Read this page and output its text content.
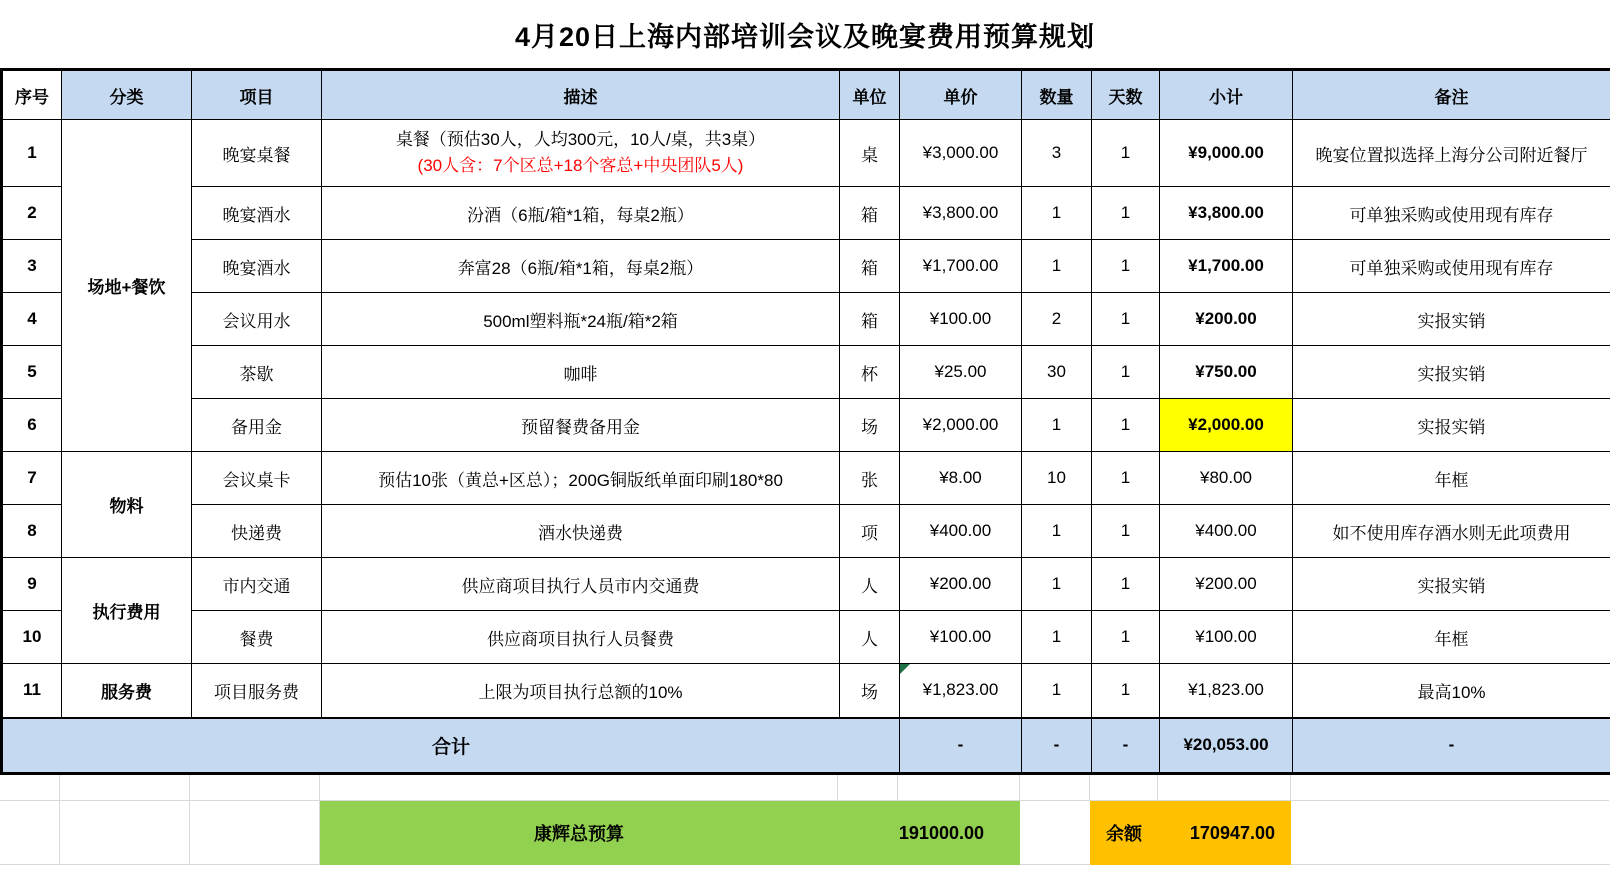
4月20日上海内部培训会议及晚宴费用预算规划
序号	分类	项目	描述	单位	单价	数量	天数	小计	备注
1	场地+餐饮	晚宴桌餐	桌餐（预估30人，人均300元，10人/桌，共3桌）
(30人含：7个区总+18个客总+中央团队5人)	桌	¥3,000.00	3	1	¥9,000.00	晚宴位置拟选择上海分公司附近餐厅
2		晚宴酒水	汾酒（6瓶/箱*1箱，每桌2瓶）	箱	¥3,800.00	1	1	¥3,800.00	可单独采购或使用现有库存
3		晚宴酒水	奔富28（6瓶/箱*1箱，每桌2瓶）	箱	¥1,700.00	1	1	¥1,700.00	可单独采购或使用现有库存
4		会议用水	500ml塑料瓶*24瓶/箱*2箱	箱	¥100.00	2	1	¥200.00	实报实销
5		茶歇	咖啡	杯	¥25.00	30	1	¥750.00	实报实销
6		备用金	预留餐费备用金	场	¥2,000.00	1	1	¥2,000.00	实报实销
7	物料	会议桌卡	预估10张（黄总+区总）；200G铜版纸单面印刷180*80	张	¥8.00	10	1	¥80.00	年框
8		快递费	酒水快递费	项	¥400.00	1	1	¥400.00	如不使用库存酒水则无此项费用
9	执行费用	市内交通	供应商项目执行人员市内交通费	人	¥200.00	1	1	¥200.00	实报实销
10		餐费	供应商项目执行人员餐费	人	¥100.00	1	1	¥100.00	年框
11	服务费	项目服务费	上限为项目执行总额的10%	场	¥1,823.00	1	1	¥1,823.00	最高10%
合计					-	-	-	¥20,053.00	-
康辉总预算	191000.00	余额	170947.00
